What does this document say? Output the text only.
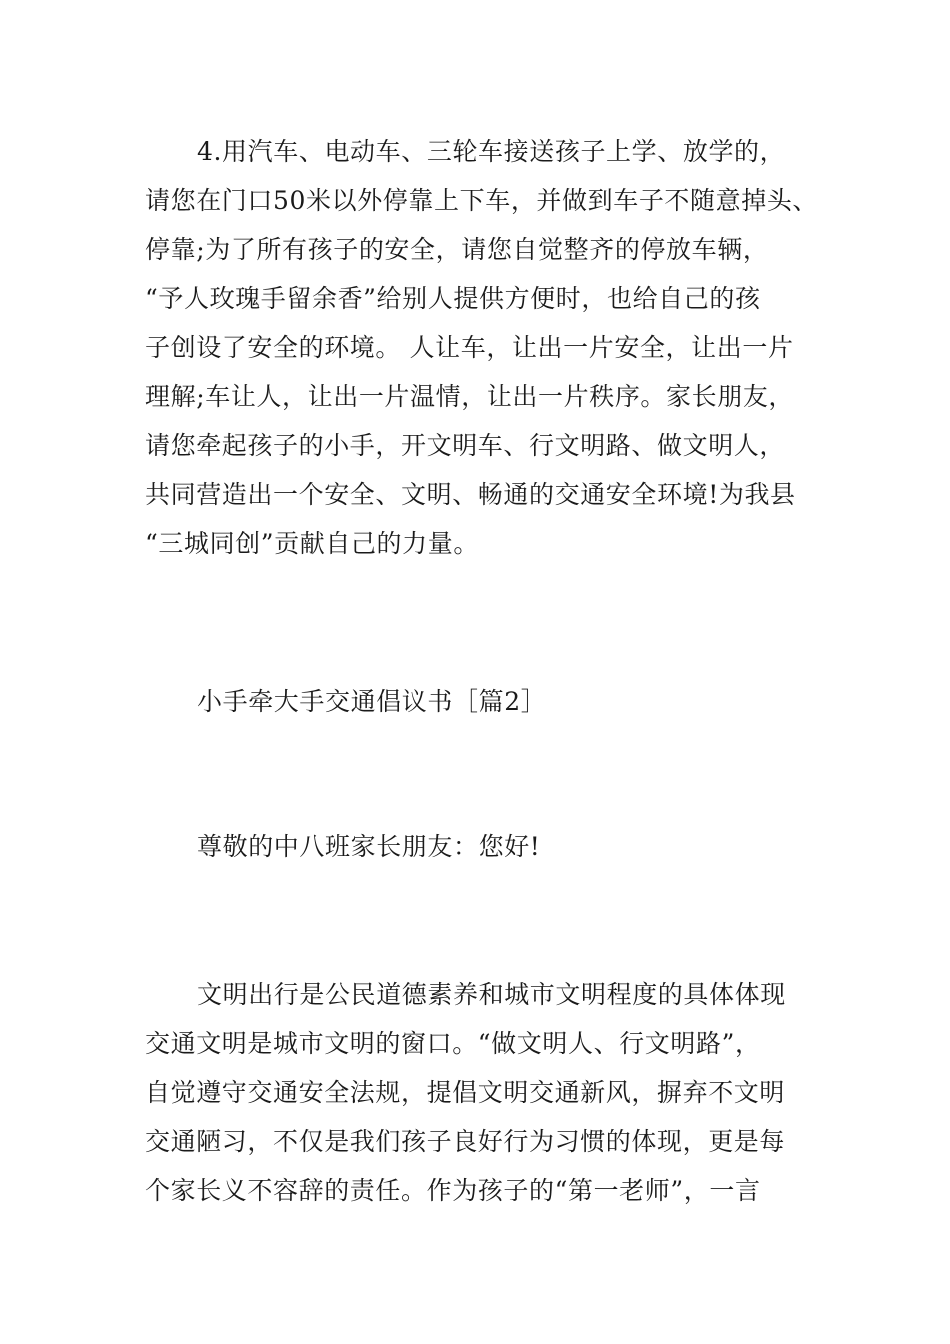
4.用汽车、电动车、三轮车接送孩子上学、放学的，
请您在门口50米以外停靠上下车，并做到车子不随意掉头、
停靠;为了所有孩子的安全，请您自觉整齐的停放车辆，
“予人玫瑰手留余香”给别人提供方便时，也给自己的孩
子创设了安全的环境。 人让车，让出一片安全，让出一片
理解;车让人，让出一片温情，让出一片秩序。家长朋友，
请您牵起孩子的小手，开文明车、行文明路、做文明人，
共同营造出一个安全、文明、畅通的交通安全环境!为我县
“三城同创”贡献自己的力量。
小手牵大手交通倡议书［篇2］
尊敬的中八班家长朋友：您好!
文明出行是公民道德素养和城市文明程度的具体体现
交通文明是城市文明的窗口。“做文明人、行文明路”，
自觉遵守交通安全法规，提倡文明交通新风，摒弃不文明
交通陋习，不仅是我们孩子良好行为习惯的体现，更是每
个家长义不容辞的责任。作为孩子的“第一老师”，一言
